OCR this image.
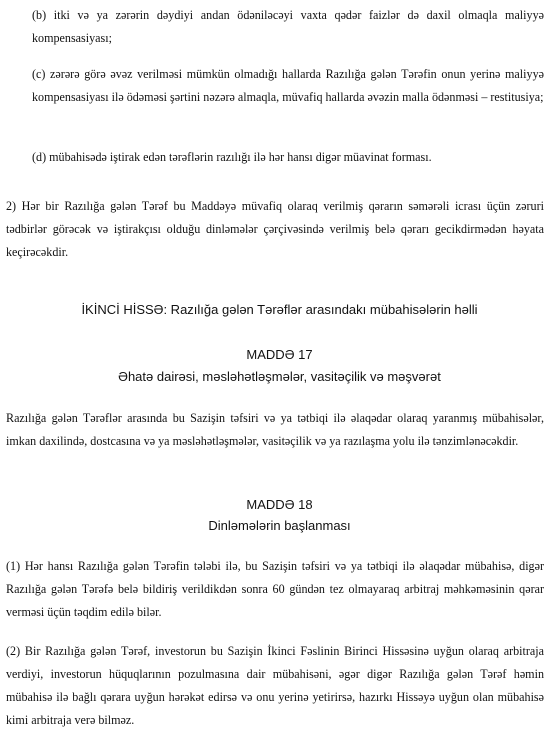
(b) itki və ya zərərin dəydiyi andan ödəniləcəyi vaxta qədər faizlər də daxil olmaqla maliyyə kompensasiyası;

(c) zərərə görə əvəz verilməsi mümkün olmadığı hallarda Razılığa gələn Tərəfin onun yerinə maliyyə kompensasiyası ilə ödəməsi şərtini nəzərə almaqla, müvafiq hallarda əvəzin malla ödənməsi – restitusiya;

(d) mübahisədə iştirak edən tərəflərin razılığı ilə hər hansı digər müavinat forması.

2) Hər bir Razılığa gələn Tərəf bu Maddəyə müvafiq olaraq verilmiş qərarın səmərəli icrası üçün zəruri tədbirlər görəcək və iştirakçısı olduğu dinləmələr çərçivəsində verilmiş belə qərarı gecikdirmədən həyata keçirəcəkdir.

İKİNCİ HİSSƏ: Razılığa gələn Tərəflər arasındakı mübahisələrin həlli

MADDƏ 17

Əhatə dairəsi, məsləhətləşmələr, vasitəçilik və məşvərət

Razılığa gələn Tərəflər arasında bu Sazişin təfsiri və ya tətbiqi ilə əlaqədar olaraq yaranmış mübahisələr, imkan daxilində, dostcasına və ya məsləhətləşmələr, vasitəçilik və ya razılaşma yolu ilə tənzimlənəcəkdir.

MADDƏ 18

Dinləmələrin başlanması

(1) Hər hansı Razılığa gələn Tərəfin tələbi ilə, bu Sazişin təfsiri və ya tətbiqi ilə əlaqədar mübahisə, digər Razılığa gələn Tərəfə belə bildiriş verildikdən sonra 60 gündən tez olmayaraq arbitraj məhkəməsinin qərar verməsi üçün təqdim edilə bilər.

(2) Bir Razılığa gələn Tərəf, investorun bu Sazişin İkinci Fəslinin Birinci Hissəsinə uyğun olaraq arbitraja verdiyi, investorun hüquqlarının pozulmasına dair mübahisəni, əgər digər Razılığa gələn Tərəf həmin mübahisə ilə bağlı qərara uyğun hərəkət edirsə və onu yerinə yetirirsə, hazırkı Hissəyə uyğun olan mübahisə kimi arbitraja verə bilməz.
